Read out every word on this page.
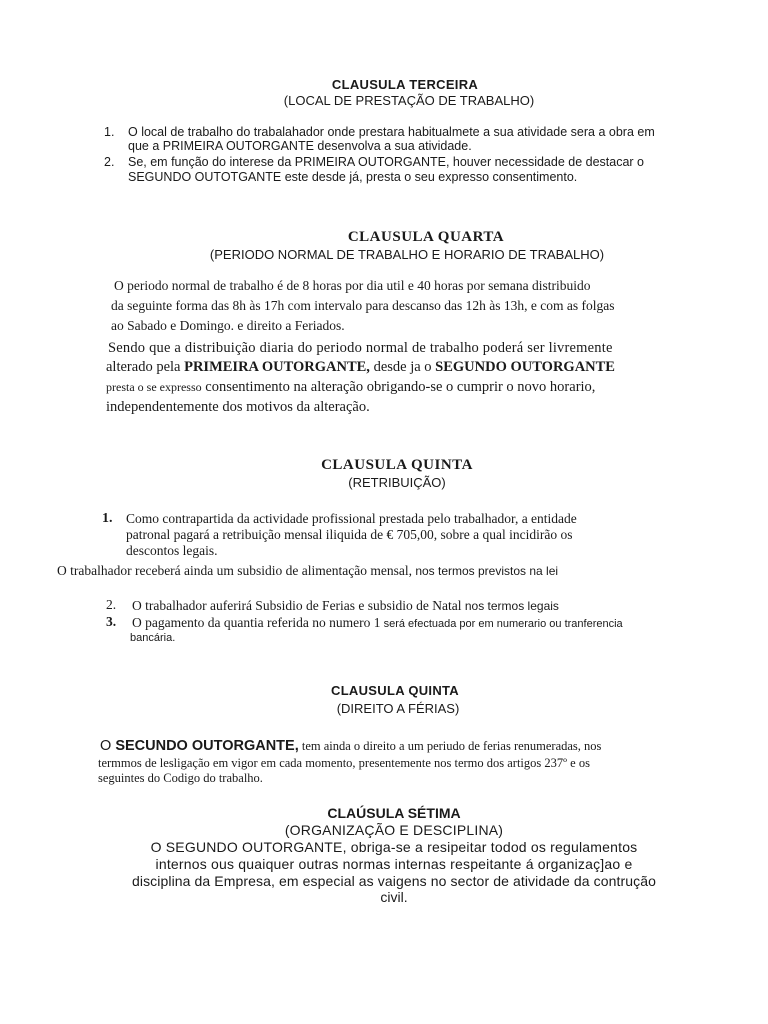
CLAUSULA TERCEIRA
(LOCAL DE PRESTAÇÃO DE TRABALHO)
1. O local de trabalho do trabalahador onde prestara habitualmete a sua atividade sera a obra em
que a PRIMEIRA OUTORGANTE desenvolva a sua atividade.
2. Se, em função do interese da PRIMEIRA OUTORGANTE, houver necessidade de destacar o
SEGUNDO OUTOTGANTE este desde já, presta o seu expresso consentimento.
CLAUSULA QUARTA
(PERIODO NORMAL DE TRABALHO E HORARIO DE TRABALHO)
O periodo normal de trabalho é de 8 horas por dia util e 40 horas por semana distribuido
da seguinte forma das 8h às 17h com intervalo para descanso das 12h às 13h, e com as folgas
ao Sabado e Domingo. e direito a Feriados.
Sendo que a distribuição diaria do periodo normal de trabalho poderá ser livremente
alterado pela PRIMEIRA OUTORGANTE, desde ja o SEGUNDO OUTORGANTE
presta o se expresso consentimento na alteração obrigando-se o cumprir o novo horario,
independentemente dos motivos da alteração.
CLAUSULA QUINTA
(RETRIBUIÇÃO)
1. Como contrapartida da actividade profissional prestada pelo trabalhador, a entidade
patronal pagará a retribuição mensal iliquida de € 705,00, sobre a qual incidirão os
descontos legais.
O trabalhador receberá ainda um subsidio de alimentação mensal, nos termos previstos na lei
2. O trabalhador auferirá Subsidio de Ferias e subsidio de Natal nos termos legais
3. O pagamento da quantia referida no numero 1 será efectuada por em numerario ou tranferencia
bancária.
CLAUSULA QUINTA
(DIREITO A FÉRIAS)
O SECUNDO OUTORGANTE, tem ainda o direito a um periudo de ferias renumeradas, nos
termmos de lesligação em vigor em cada momento, presentemente nos termo dos artigos 237º e os
seguintes do Codigo do trabalho.
CLAÚSULA SÉTIMA
(ORGANIZAÇÃO E DESCIPLINA)
O SEGUNDO OUTORGANTE, obriga-se a resipeitar todod os regulamentos
internos ous quaiquer outras normas internas respeitante á organizaç]ao e
disciplina da Empresa, em especial as vaigens no sector de atividade da contrução
civil.
